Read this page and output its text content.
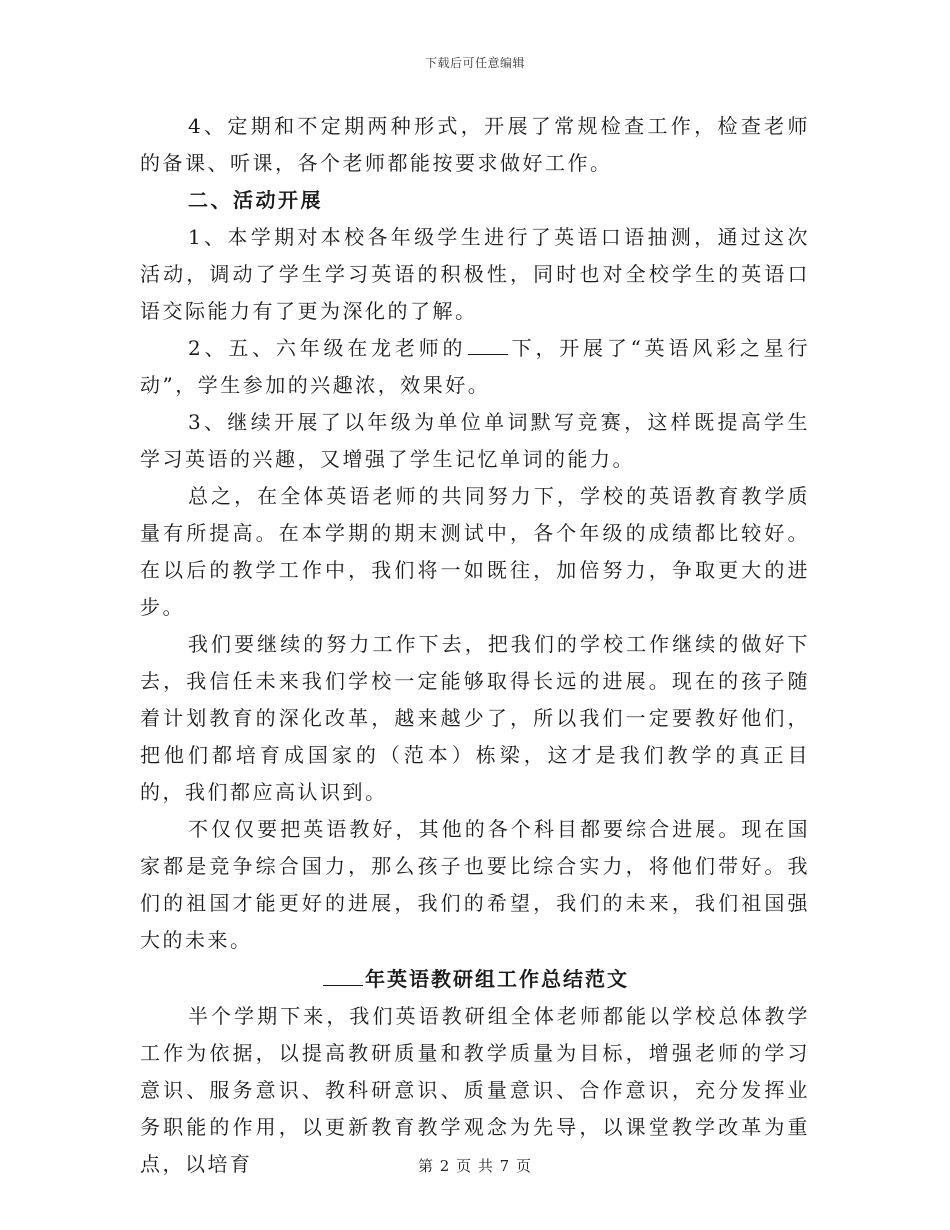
下载后可任意编辑

4、定期和不定期两种形式，开展了常规检查工作，检查老师的备课、听课，各个老师都能按要求做好工作。

二、活动开展

1、本学期对本校各年级学生进行了英语口语抽测，通过这次活动，调动了学生学习英语的积极性，同时也对全校学生的英语口语交际能力有了更为深化的了解。

2、五、六年级在龙老师的 下，开展了“英语风彩之星行动”，学生参加的兴趣浓，效果好。

3、继续开展了以年级为单位单词默写竞赛，这样既提高学生学习英语的兴趣，又增强了学生记忆单词的能力。

总之，在全体英语老师的共同努力下，学校的英语教育教学质量有所提高。在本学期的期末测试中，各个年级的成绩都比较好。在以后的教学工作中，我们将一如既往，加倍努力，争取更大的进步。

我们要继续的努力工作下去，把我们的学校工作继续的做好下去，我信任未来我们学校一定能够取得长远的进展。现在的孩子随着计划教育的深化改革，越来越少了，所以我们一定要教好他们，把他们都培育成国家的（范本）栋梁，这才是我们教学的真正目的，我们都应高认识到。

不仅仅要把英语教好，其他的各个科目都要综合进展。现在国家都是竞争综合国力，那么孩子也要比综合实力，将他们带好。我们的祖国才能更好的进展，我们的希望，我们的未来，我们祖国强大的未来。

年英语教研组工作总结范文

半个学期下来，我们英语教研组全体老师都能以学校总体教学工作为依据，以提高教研质量和教学质量为目标，增强老师的学习意识、服务意识、教科研意识、质量意识、合作意识，充分发挥业务职能的作用，以更新教育教学观念为先导，以课堂教学改革为重点，以培育	第 2 页 共 7 页
